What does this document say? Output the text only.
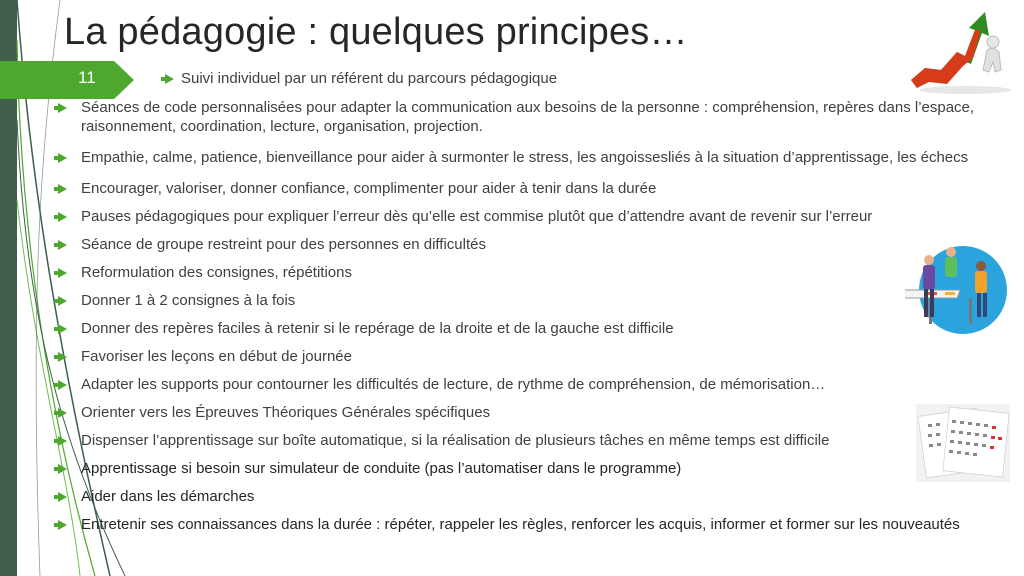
La pédagogie : quelques principes…
11	Suivi individuel par un référent du parcours pédagogique
Séances de code personnalisées pour adapter la communication aux besoins de la personne : compréhension, repères dans l’espace, raisonnement, coordination, lecture, organisation, projection.
Empathie, calme, patience, bienveillance pour aider à surmonter le stress, les angoissesliés à la situation d’apprentissage, les échecs
Encourager, valoriser, donner confiance, complimenter pour aider à tenir dans la durée
Pauses pédagogiques pour expliquer l’erreur dès qu’elle est commise plutôt que d’attendre avant de revenir sur l’erreur
Séance de groupe restreint pour des personnes en difficultés
Reformulation des consignes, répétitions
Donner 1 à 2 consignes à la fois
Donner des repères faciles à retenir si le repérage de la droite et de la gauche est difficile
Favoriser les leçons en début de journée
Adapter les supports pour contourner les difficultés de lecture, de rythme de compréhension, de mémorisation…
Orienter vers les Épreuves Théoriques Générales spécifiques
Dispenser l’apprentissage sur boîte automatique, si la réalisation de plusieurs tâches en même temps est difficile
Apprentissage si besoin sur simulateur de conduite (pas l’automatiser dans le programme)
Aider dans les démarches
Entretenir ses connaissances dans la durée : répéter, rappeler les règles, renforcer les acquis, informer et former sur les nouveautés
